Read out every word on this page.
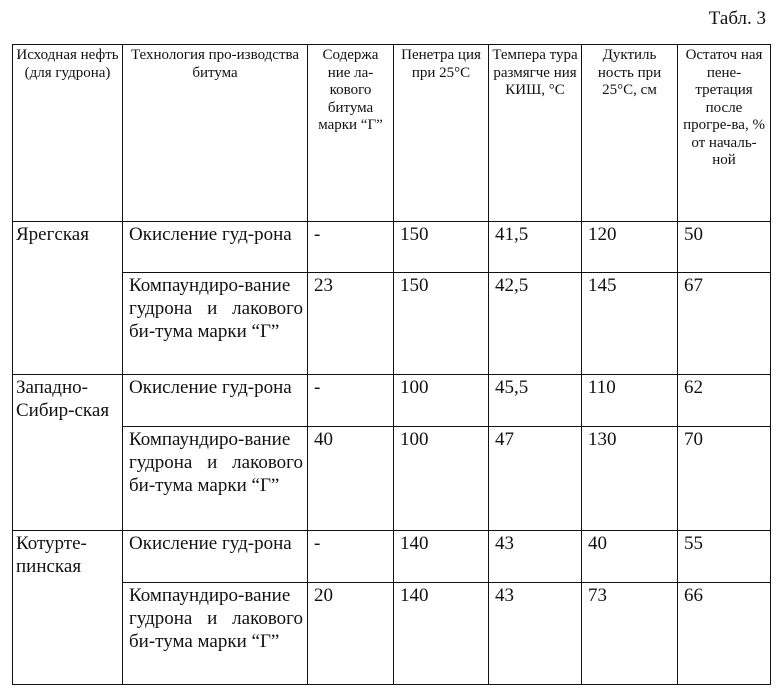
Табл. 3
Исходная нефть (для гудрона)	Технология про-изводства битума	Содержа ние ла-кового битума марки “Г”	Пенетра ция при 25°С	Темпера тура размягче ния КИШ, °С	Дуктиль ность при 25°С, см	Остаточ ная пене-третация после прогре-ва, % от началь-ной
Ярегская	Окисление гуд-рона	-	150	41,5	120	50
	Компаундиро-вание гудрона и лакового би-тума марки “Г”	23	150	42,5	145	67
Западно-Сибир-ская	Окисление гуд-рона	-	100	45,5	110	62
	Компаундиро-вание гудрона и лакового би-тума марки “Г”	40	100	47	130	70
Котурте-пинская	Окисление гуд-рона	-	140	43	40	55
	Компаундиро-вание гудрона и лакового би-тума марки “Г”	20	140	43	73	66
